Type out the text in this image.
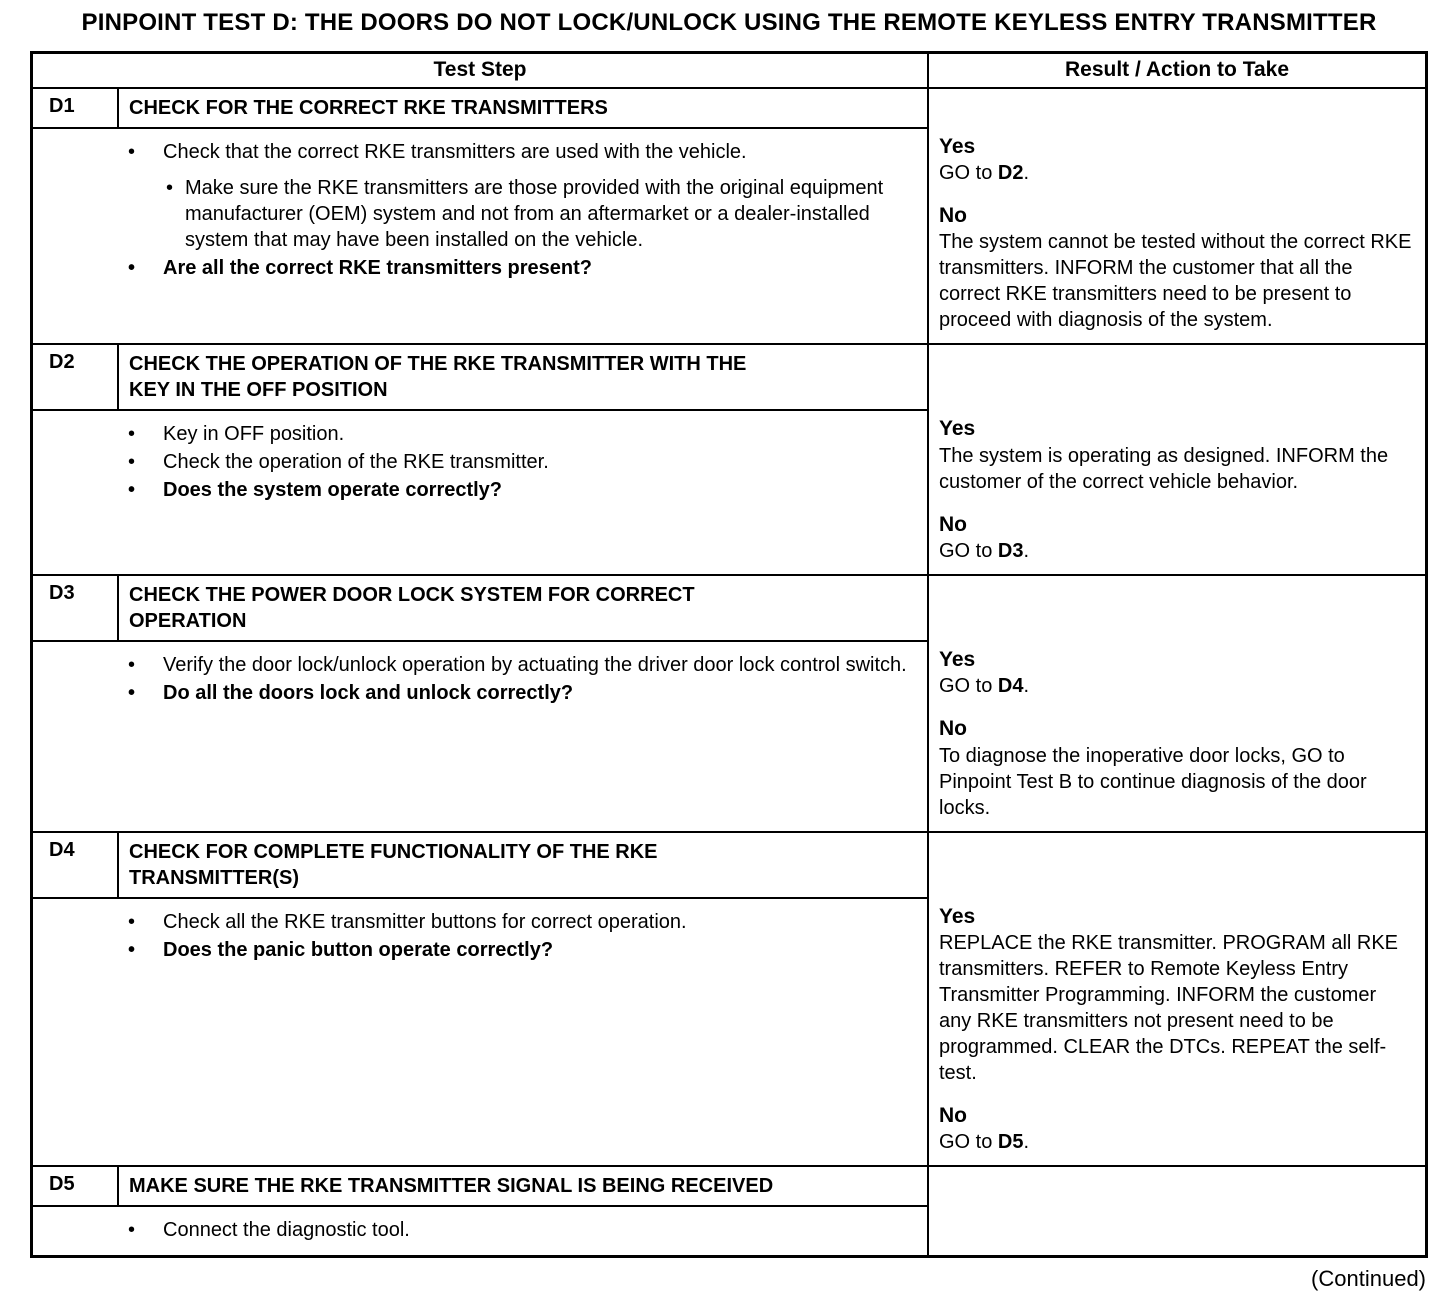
PINPOINT TEST D: THE DOORS DO NOT LOCK/UNLOCK USING THE REMOTE KEYLESS ENTRY TRANSMITTER
Test Step	Result / Action to Take
D1	CHECK FOR THE CORRECT RKE TRANSMITTERS
• Check that the correct RKE transmitters are used with the vehicle.
• Make sure the RKE transmitters are those provided with the original equipment manufacturer (OEM) system and not from an aftermarket or a dealer-installed system that may have been installed on the vehicle.
• Are all the correct RKE transmitters present?
Yes
GO to D2.
No
The system cannot be tested without the correct RKE transmitters. INFORM the customer that all the correct RKE transmitters need to be present to proceed with diagnosis of the system.
D2	CHECK THE OPERATION OF THE RKE TRANSMITTER WITH THE KEY IN THE OFF POSITION
• Key in OFF position.
• Check the operation of the RKE transmitter.
• Does the system operate correctly?
Yes
The system is operating as designed. INFORM the customer of the correct vehicle behavior.
No
GO to D3.
D3	CHECK THE POWER DOOR LOCK SYSTEM FOR CORRECT OPERATION
• Verify the door lock/unlock operation by actuating the driver door lock control switch.
• Do all the doors lock and unlock correctly?
Yes
GO to D4.
No
To diagnose the inoperative door locks, GO to Pinpoint Test B to continue diagnosis of the door locks.
D4	CHECK FOR COMPLETE FUNCTIONALITY OF THE RKE TRANSMITTER(S)
• Check all the RKE transmitter buttons for correct operation.
• Does the panic button operate correctly?
Yes
REPLACE the RKE transmitter. PROGRAM all RKE transmitters. REFER to Remote Keyless Entry Transmitter Programming. INFORM the customer any RKE transmitters not present need to be programmed. CLEAR the DTCs. REPEAT the self-test.
No
GO to D5.
D5	MAKE SURE THE RKE TRANSMITTER SIGNAL IS BEING RECEIVED
• Connect the diagnostic tool.
(Continued)
